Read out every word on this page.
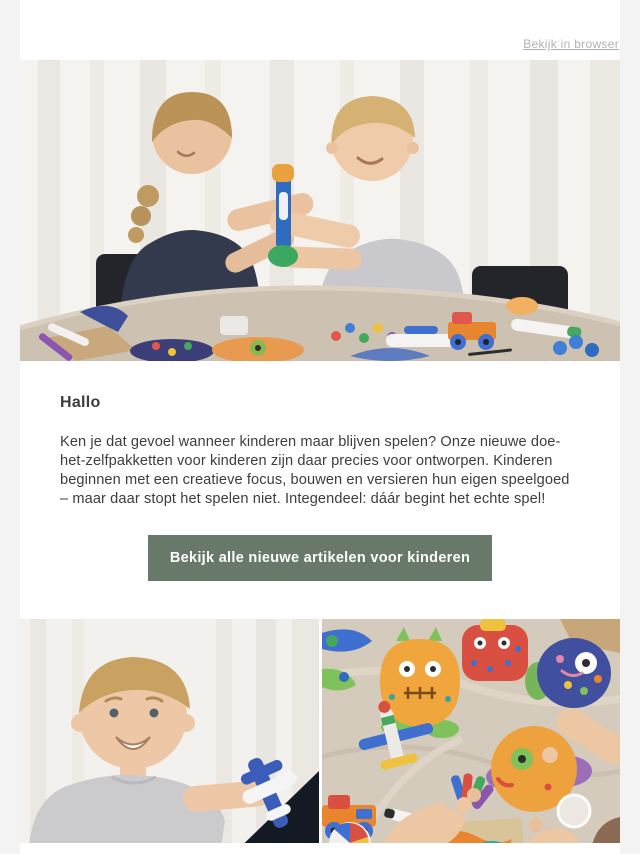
Bekijk in browser
Hallo

Ken je dat gevoel wanneer kinderen maar blijven spelen? Onze nieuwe doe-het-zelfpakketten voor kinderen zijn daar precies voor ontworpen. Kinderen beginnen met een creatieve focus, bouwen en versieren hun eigen speelgoed – maar daar stopt het spelen niet. Integendeel: dáár begint het echte spel!

Bekijk alle nieuwe artikelen voor kinderen
